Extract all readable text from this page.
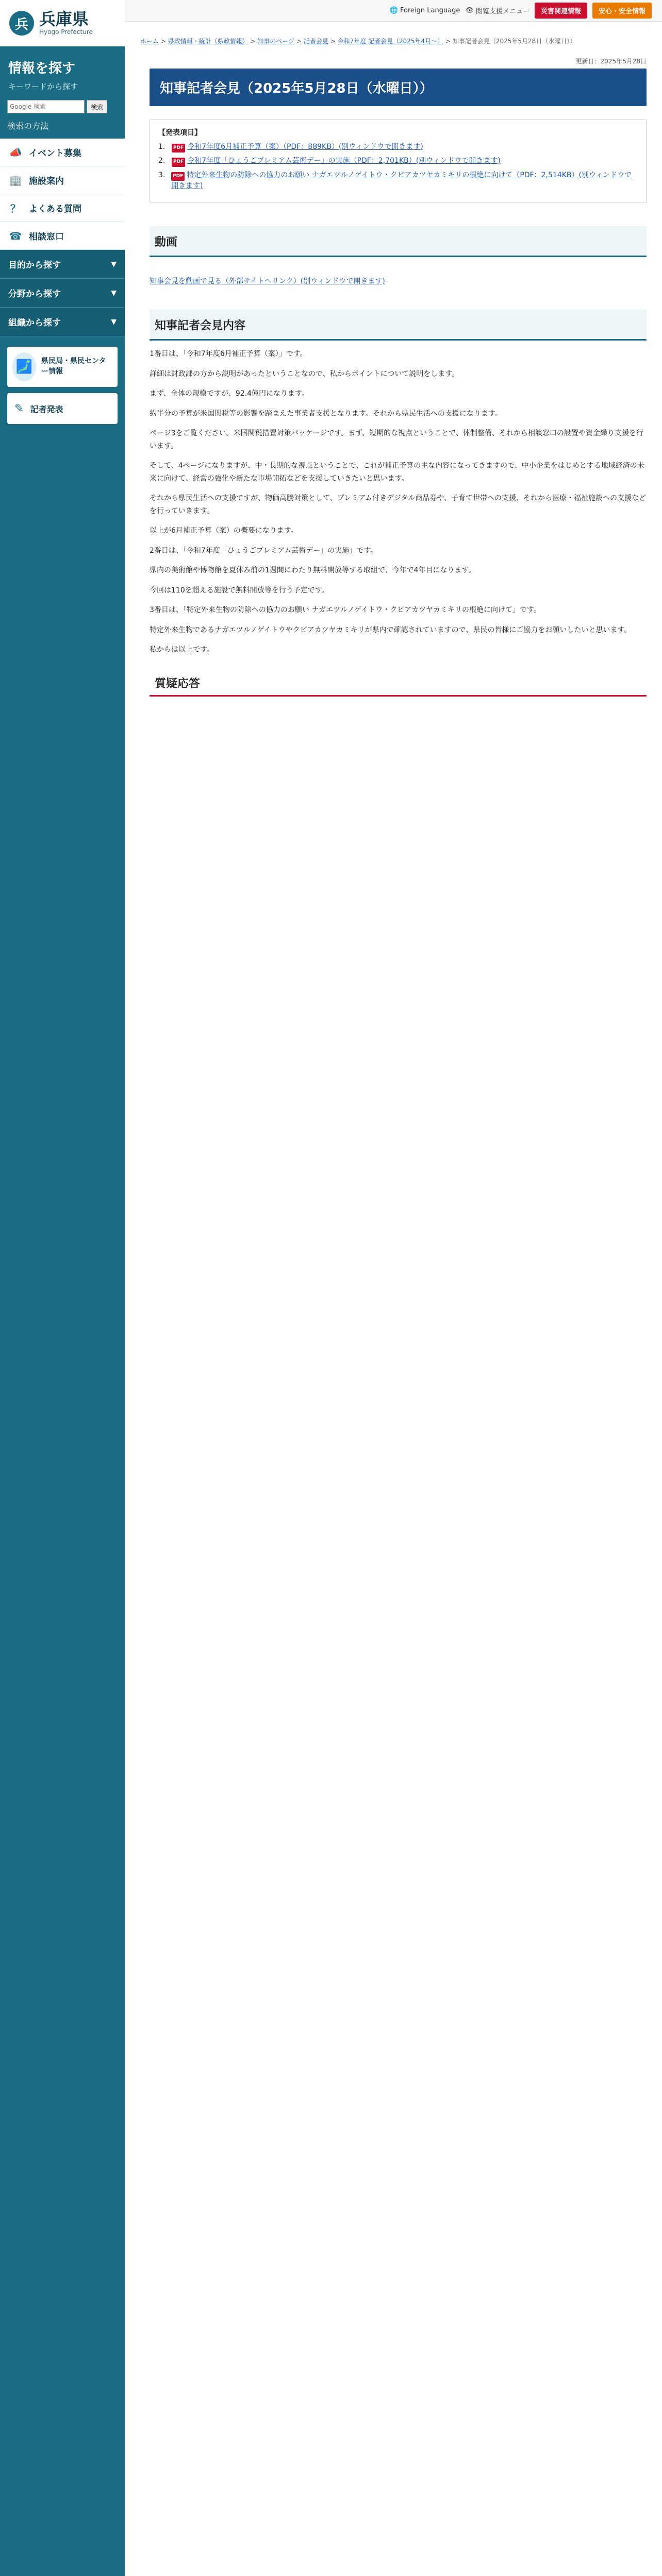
兵 兵庫県
Hyogo Prefecture
情報を探す
キーワードから探す
Google 検索
検索
検索の方法
📣 イベント募集
🏢 施設案内
？ よくある質問
☎ 相談窓口
目的から探す	▼
分野から探す	▼
組織から探す	▼
🗾	県民局・県民センター情報
✎ 記者発表
🌐 Foreign Language 👁 閲覧支援メニュー	災害関連情報	安心・安全情報
ホーム > 県政情報・統計（県政情報） > 知事のページ > 記者会見 > 令和7年度 記者会見（2025年4月～） > 知事記者会見（2025年5月28日（水曜日））
更新日：2025年5月28日
知事記者会見（2025年5月28日（水曜日））
【発表項目】
1.	PDF 令和7年度6月補正予算（案）（PDF：889KB）(別ウィンドウで開きます)
2.	PDF 令和7年度「ひょうごプレミアム芸術デー」の実施（PDF：2,701KB）(別ウィンドウで開きます)
3.	PDF 特定外来生物の防除への協力のお願い ナガエツルノゲイトウ・クビアカツヤカミキリの根絶に向けて（PDF：2,514KB）(別ウィンドウで開きます)
動画
知事会見を動画で見る（外部サイトへリンク）(別ウィンドウで開きます)
知事記者会見内容

1番目は、「令和7年度6月補正予算（案）」です。

詳細は財政課の方から説明があったということなので、私からポイントについて説明をします。

まず、全体の規模ですが、92.4億円になります。

約半分の予算が米国関税等の影響を踏まえた事業者支援となります。それから県民生活への支援になります。

ページ3をご覧ください。米国関税措置対策パッケージです。まず、短期的な視点ということで、体制整備、それから相談窓口の設置や資金繰り支援を行います。

そして、4ページになりますが、中・長期的な視点ということで、これが補正予算の主な内容になってきますので、中小企業をはじめとする地域経済の未来に向けて、経営の強化や新たな市場開拓などを支援していきたいと思います。

それから県民生活への支援ですが、物価高騰対策として、プレミアム付きデジタル商品券や、子育て世帯への支援、それから医療・福祉施設への支援などを行っていきます。

以上が6月補正予算（案）の概要になります。

2番目は、「令和7年度「ひょうごプレミアム芸術デー」の実施」です。

県内の美術館や博物館を夏休み前の1週間にわたり無料開放等する取組で、今年で4年目になります。

今回は110を超える施設で無料開放等を行う予定です。

3番目は、「特定外来生物の防除への協力のお願い ナガエツルノゲイトウ・クビアカツヤカミキリの根絶に向けて」です。

特定外来生物であるナガエツルノゲイトウやクビアカツヤカミキリが県内で確認されていますので、県民の皆様にご協力をお願いしたいと思います。

私からは以上です。

質疑応答
